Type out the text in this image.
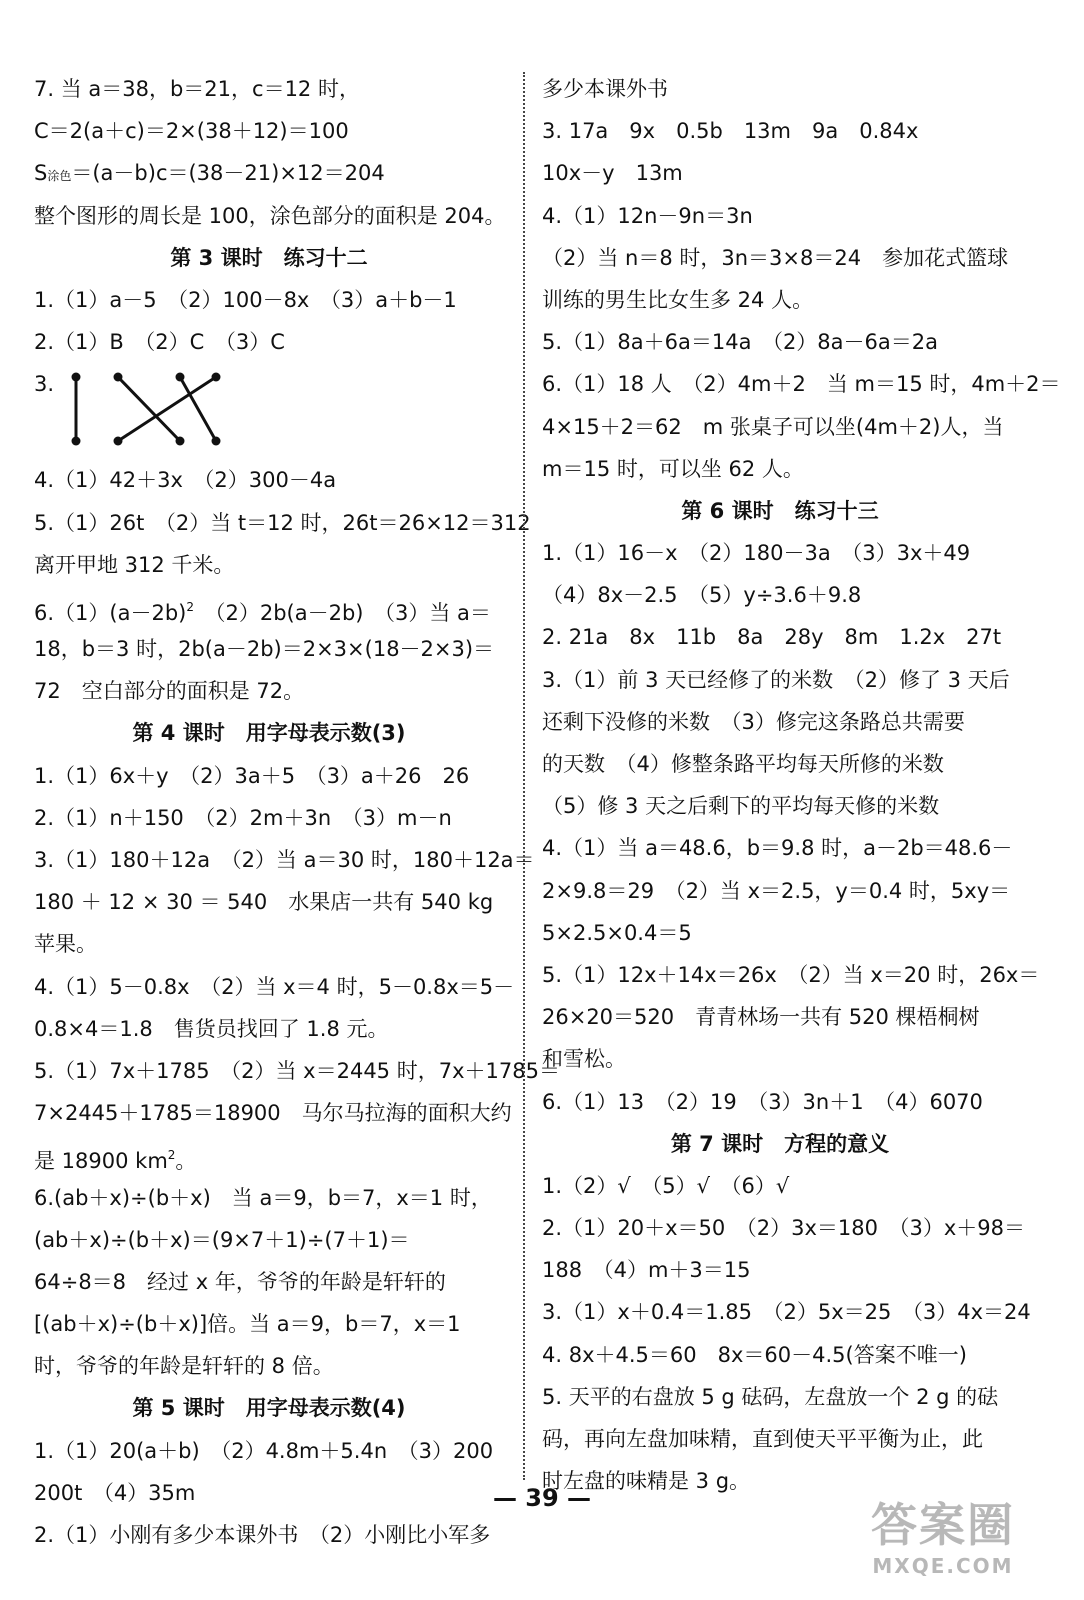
7. 当 a＝38，b＝21，c＝12 时，
C＝2(a＋c)＝2×(38＋12)＝100
S涂色＝(a－b)c＝(38－21)×12＝204
整个图形的周长是 100，涂色部分的面积是 204。
第 3 课时　练习十二
1.（1）a－5　（2）100－8x　（3）a＋b－1
2.（1）B　（2）C　（3）C
3.
4.（1）42＋3x　（2）300－4a
5.（1）26t　（2）当 t＝12 时，26t＝26×12＝312
离开甲地 312 千米。
$6.(1)(a-2b)^2$　（2）2b(a－2b)　（3）当 a＝
18，b＝3 时，2b(a－2b)＝2×3×(18－2×3)＝
72　空白部分的面积是 72。
第 4 课时　用字母表示数(3)
1.（1）6x＋y　（2）3a＋5　（3）a＋26　26
2.（1）n＋150　（2）2m＋3n　（3）m－n
3.（1）180＋12a　（2）当 a＝30 时，180＋12a＝
180 ＋ 12 × 30 ＝ 540　水果店一共有 540 kg
苹果。
4.（1）5－0.8x　（2）当 x＝4 时，5－0.8x＝5－
0.8×4＝1.8　售货员找回了 1.8 元。
5.（1）7x＋1785　（2）当 x＝2445 时，7x＋1785＝
7×2445＋1785＝18900　马尔马拉海的面积大约
是 18900 $km^2$。
6.(ab＋x)÷(b＋x)　当 a＝9，b＝7，x＝1 时，
(ab＋x)÷(b＋x)＝(9×7＋1)÷(7＋1)＝
64÷8＝8　经过 x 年，爷爷的年龄是轩轩的
[(ab＋x)÷(b＋x)]倍。当 a＝9，b＝7，x＝1
时，爷爷的年龄是轩轩的 8 倍。
第 5 课时　用字母表示数(4)
1.（1）20(a＋b)　（2）4.8m＋5.4n　（3）200
200t　（4）35m
2.（1）小刚有多少本课外书　（2）小刚比小军多
多少本课外书
3. 17a　9x　0.5b　13m　9a　0.84x
10x－y　13m
4.（1）12n－9n＝3n
（2）当 n＝8 时，3n＝3×8＝24　参加花式篮球
训练的男生比女生多 24 人。
5.（1）8a＋6a＝14a　（2）8a－6a＝2a
6.（1）18 人　（2）4m＋2　当 m＝15 时，4m＋2＝
4×15＋2＝62　m 张桌子可以坐(4m＋2)人，当
m＝15 时，可以坐 62 人。
第 6 课时　练习十三
1.（1）16－x　（2）180－3a　（3）3x＋49
（4）8x－2.5　（5）y÷3.6＋9.8
2. 21a　8x　11b　8a　28y　8m　1.2x　27t
3.（1）前 3 天已经修了的米数　（2）修了 3 天后
还剩下没修的米数　（3）修完这条路总共需要
的天数　（4）修整条路平均每天所修的米数
（5）修 3 天之后剩下的平均每天修的米数
4.（1）当 a＝48.6，b＝9.8 时，a－2b＝48.6－
2×9.8＝29　（2）当 x＝2.5，y＝0.4 时，5xy＝
5×2.5×0.4＝5
5.（1）12x＋14x＝26x　（2）当 x＝20 时，26x＝
26×20＝520　青青林场一共有 520 棵梧桐树
和雪松。
6.（1）13　（2）19　（3）3n＋1　（4）6070
第 7 课时　方程的意义
1.（2）√　（5）√　（6）√
2.（1）20＋x＝50　（2）3x＝180　（3）x＋98＝
188　（4）m＋3＝15
3.（1）x＋0.4＝1.85　（2）5x＝25　（3）4x＝24
4. 8x＋4.5＝60　8x＝60－4.5(答案不唯一)
5. 天平的右盘放 5 g 砝码，左盘放一个 2 g 的砝
码，再向左盘加味精，直到使天平平衡为止，此
时左盘的味精是 3 g。
— 39 —	答案圈
MXQE.COM
